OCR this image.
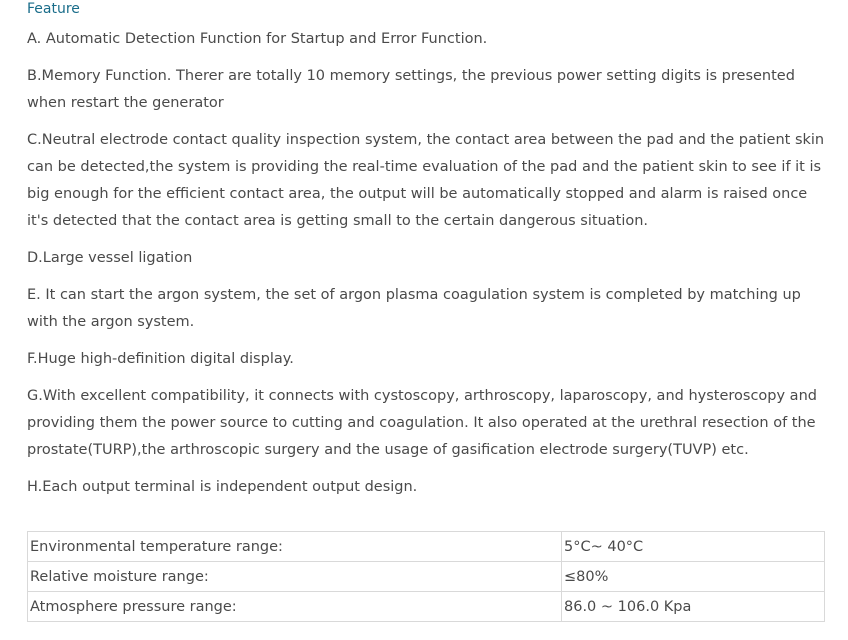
Feature

A. Automatic Detection Function for Startup and Error Function.

B.Memory Function. Therer are totally 10 memory settings, the previous power setting digits is presented when restart the generator

C.Neutral electrode contact quality inspection system, the contact area between the pad and the patient skin can be detected,the system is providing the real-time evaluation of the pad and the patient skin to see if it is big enough for the efficient contact area, the output will be automatically stopped and alarm is raised once it's detected that the contact area is getting small to the certain dangerous situation.

D.Large vessel ligation

E. It can start the argon system, the set of argon plasma coagulation system is completed by matching up with the argon system.

F.Huge high-definition digital display.

G.With excellent compatibility, it connects with cystoscopy, arthroscopy, laparoscopy, and hysteroscopy and providing them the power source to cutting and coagulation. It also operated at the urethral resection of the prostate(TURP),the arthroscopic surgery and the usage of gasification electrode surgery(TUVP) etc.

H.Each output terminal is independent output design.

Environmental temperature range:	5°C~ 40°C
Relative moisture range:	≤80%
Atmosphere pressure range:	86.0 ~ 106.0 Kpa
